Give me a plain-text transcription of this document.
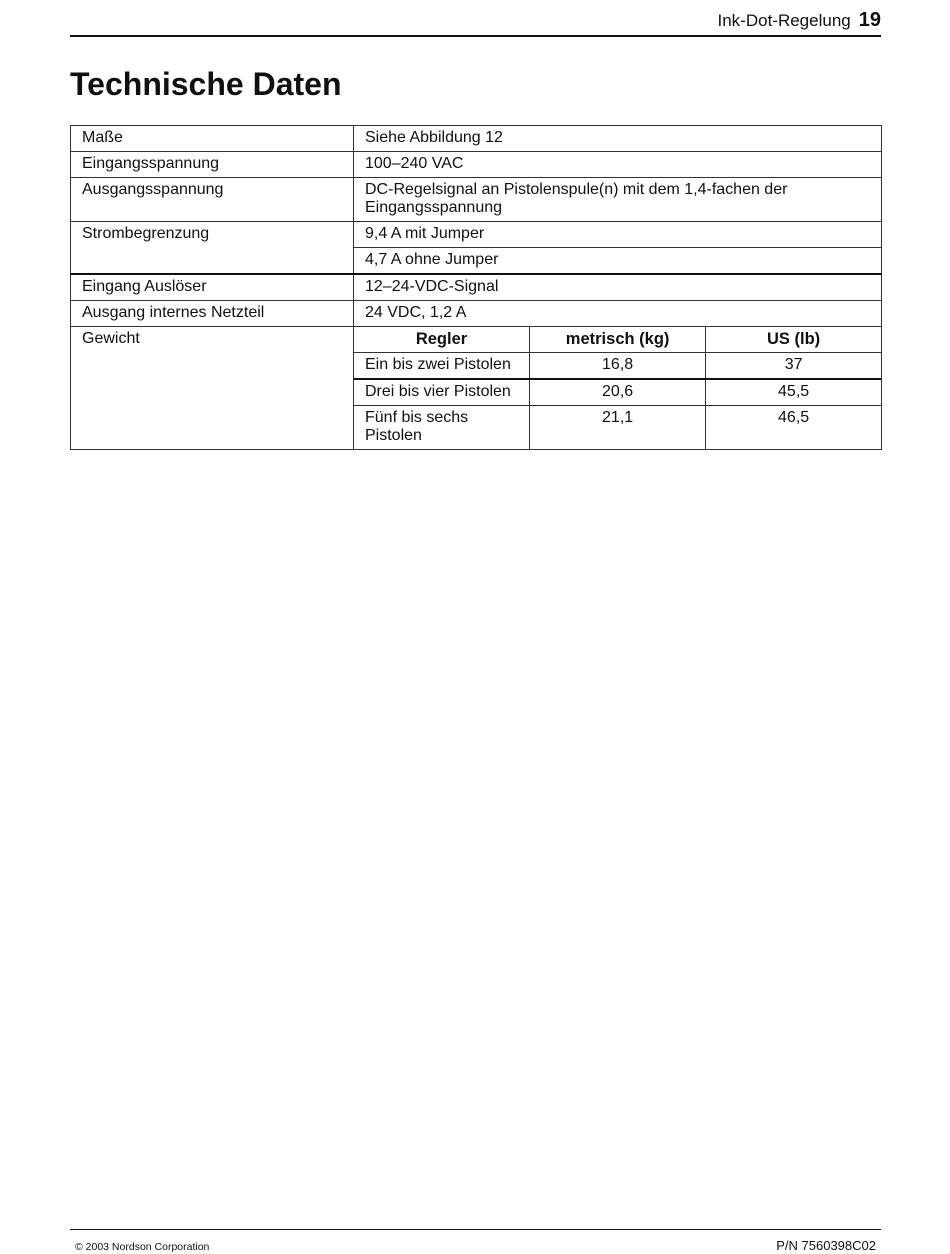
Ink-Dot-Regelung 19
Technische Daten
Maße	Siehe Abbildung 12
Eingangsspannung	100–240 VAC
Ausgangsspannung	DC-Regelsignal an Pistolenspule(n) mit dem 1,4-fachen der Eingangsspannung
Strombegrenzung	9,4 A mit Jumper
4,7 A ohne Jumper
Eingang Auslöser	12–24-VDC-Signal
Ausgang internes Netzteil	24 VDC, 1,2 A
Gewicht		Regler	metrisch (kg)	US (lb)
Ein bis zwei Pistolen	16,8	37
Drei bis vier Pistolen	20,6	45,5
Fünf bis sechs Pistolen	21,1	46,5
© 2003 Nordson Corporation	P/N 7560398C02
